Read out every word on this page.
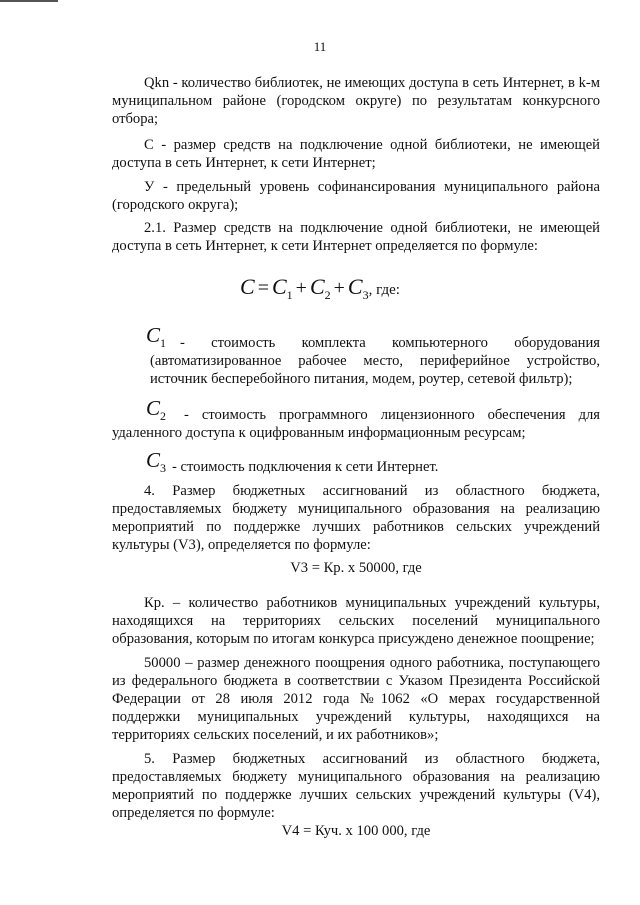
11
Qkn - количество библиотек, не имеющих доступа в сеть Интернет, в k-м муниципальном районе (городском округе) по результатам конкурсного отбора;
С - размер средств на подключение одной библиотеки, не имеющей доступа в сеть Интернет, к сети Интернет;
У - предельный уровень софинансирования муниципального района (городского округа);
2.1. Размер средств на подключение одной библиотеки, не имеющей доступа в сеть Интернет, к сети Интернет определяется по формуле:
$C = C_1 + C_2 + C_3$, где:
- стоимость комплекта компьютерного оборудования (автоматизированное рабочее место, периферийное устройство, источник бесперебойного питания, модем, роутер, сетевой фильтр);
$C_1$
- стоимость программного лицензионного обеспечения для удаленного доступа к оцифрованным информационным ресурсам;
$C_2$
- стоимость подключения к сети Интернет.
$C_3$
4. Размер бюджетных ассигнований из областного бюджета, предоставляемых бюджету муниципального образования на реализацию мероприятий по поддержке лучших работников сельских учреждений культуры (V3), определяется по формуле:
V3 = Кр. х 50000, где
Кр. – количество работников муниципальных учреждений культуры, находящихся на территориях сельских поселений муниципального образования, которым по итогам конкурса присуждено денежное поощрение;
50000 – размер денежного поощрения одного работника, поступающего из федерального бюджета в соответствии с Указом Президента Российской Федерации от 28 июля 2012 года №1062 «О мерах государственной поддержки муниципальных учреждений культуры, находящихся на территориях сельских поселений, и их работников»;
5. Размер бюджетных ассигнований из областного бюджета, предоставляемых бюджету муниципального образования на реализацию мероприятий по поддержке лучших сельских учреждений культуры (V4), определяется по формуле:
V4 = Куч. х 100 000, где
